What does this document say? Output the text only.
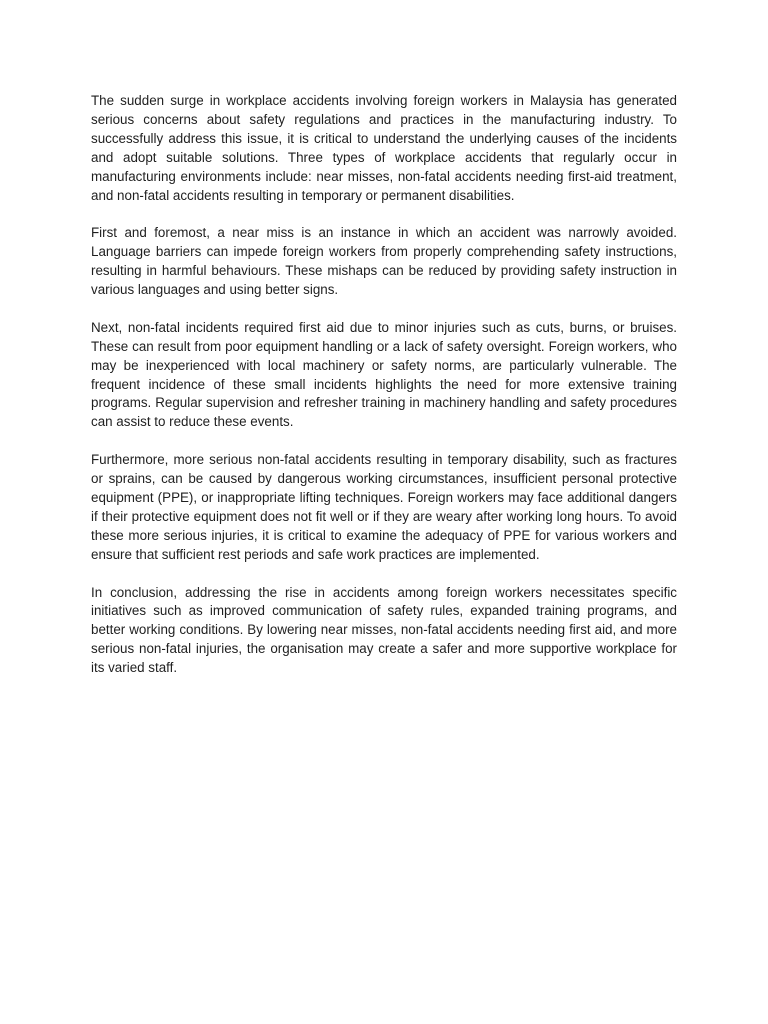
The sudden surge in workplace accidents involving foreign workers in Malaysia has generated serious concerns about safety regulations and practices in the manufacturing industry. To successfully address this issue, it is critical to understand the underlying causes of the incidents and adopt suitable solutions. Three types of workplace accidents that regularly occur in manufacturing environments include: near misses, non-fatal accidents needing first-aid treatment, and non-fatal accidents resulting in temporary or permanent disabilities.

First and foremost, a near miss is an instance in which an accident was narrowly avoided. Language barriers can impede foreign workers from properly comprehending safety instructions, resulting in harmful behaviours. These mishaps can be reduced by providing safety instruction in various languages and using better signs.

Next, non-fatal incidents required first aid due to minor injuries such as cuts, burns, or bruises. These can result from poor equipment handling or a lack of safety oversight. Foreign workers, who may be inexperienced with local machinery or safety norms, are particularly vulnerable. The frequent incidence of these small incidents highlights the need for more extensive training programs. Regular supervision and refresher training in machinery handling and safety procedures can assist to reduce these events.

Furthermore, more serious non-fatal accidents resulting in temporary disability, such as fractures or sprains, can be caused by dangerous working circumstances, insufficient personal protective equipment (PPE), or inappropriate lifting techniques. Foreign workers may face additional dangers if their protective equipment does not fit well or if they are weary after working long hours. To avoid these more serious injuries, it is critical to examine the adequacy of PPE for various workers and ensure that sufficient rest periods and safe work practices are implemented.

In conclusion, addressing the rise in accidents among foreign workers necessitates specific initiatives such as improved communication of safety rules, expanded training programs, and better working conditions. By lowering near misses, non-fatal accidents needing first aid, and more serious non-fatal injuries, the organisation may create a safer and more supportive workplace for its varied staff.
